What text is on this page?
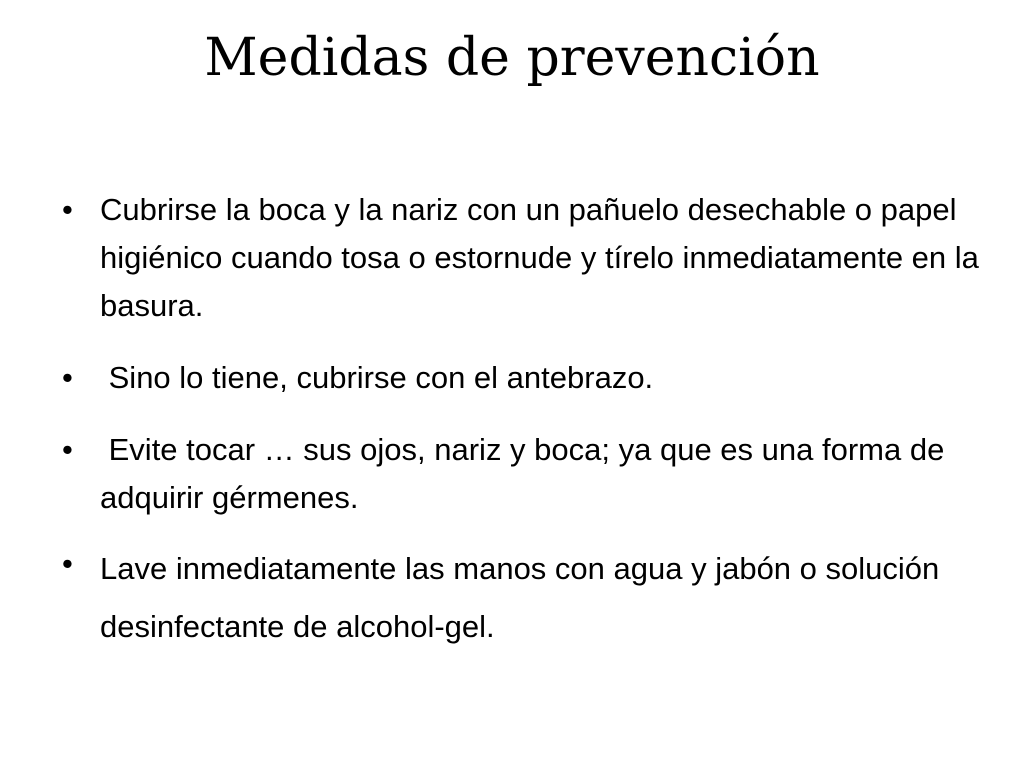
Medidas de prevención
• Cubrirse la boca y la nariz con un pañuelo desechable o papel higiénico cuando tosa o estornude y tírelo inmediatamente en la basura.
• Sino lo tiene, cubrirse con el antebrazo.
• Evite tocar … sus ojos, nariz y boca; ya que es una forma de adquirir gérmenes.
• Lave inmediatamente las manos con agua y jabón o solución desinfectante de alcohol-gel.
